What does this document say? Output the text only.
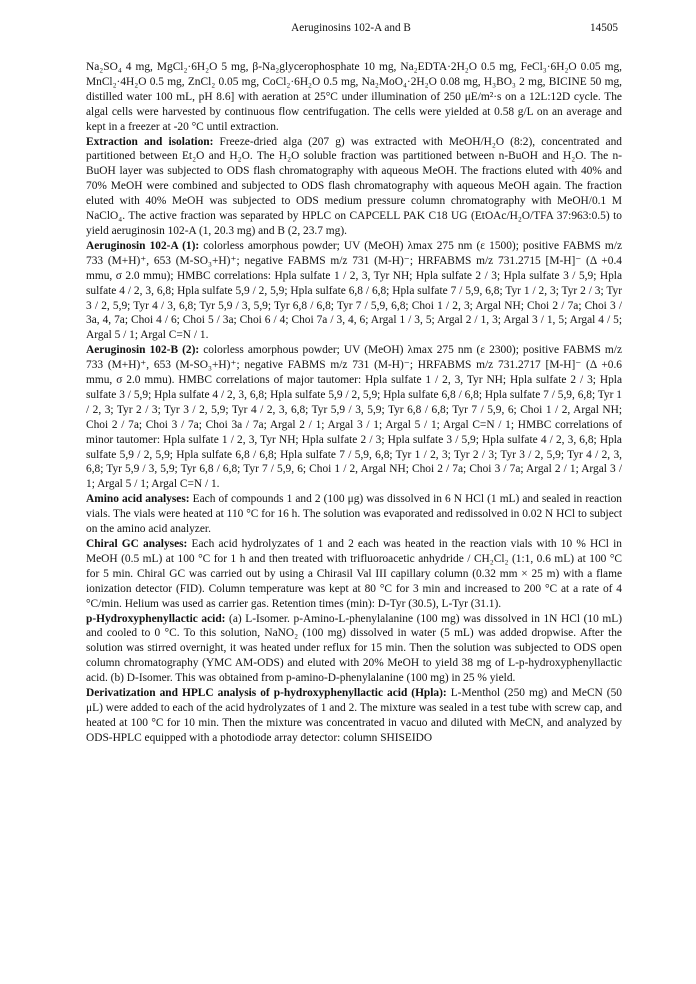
Aeruginosins 102-A and B	14505

Na₂SO₄ 4 mg, MgCl₂·6H₂O 5 mg, β-Na₂glycerophosphate 10 mg, Na₂EDTA·2H₂O 0.5 mg, FeCl₃·6H₂O 0.05 mg, MnCl₂·4H₂O 0.5 mg, ZnCl₂ 0.05 mg, CoCl₂·6H₂O 0.5 mg, Na₂MoO₄·2H₂O 0.08 mg, H₃BO₃ 2 mg, BICINE 50 mg, distilled water 100 mL, pH 8.6] with aeration at 25°C under illumination of 250 μE/m²·s on a 12L:12D cycle. The algal cells were harvested by continuous flow centrifugation. The cells were yielded at 0.58 g/L on an average and kept in a freezer at -20 °C until extraction.

Extraction and isolation: Freeze-dried alga (207 g) was extracted with MeOH/H₂O (8:2), concentrated and partitioned between Et₂O and H₂O. The H₂O soluble fraction was partitioned between n-BuOH and H₂O. The n-BuOH layer was subjected to ODS flash chromatography with aqueous MeOH. The fractions eluted with 40% and 70% MeOH were combined and subjected to ODS flash chromatography with aqueous MeOH again. The fraction eluted with 40% MeOH was subjected to ODS medium pressure column chromatography with MeOH/0.1 M NaClO₄. The active fraction was separated by HPLC on CAPCELL PAK C18 UG (EtOAc/H₂O/TFA 37:963:0.5) to yield aeruginosin 102-A (1, 20.3 mg) and B (2, 23.7 mg).

Aeruginosin 102-A (1): colorless amorphous powder; UV (MeOH) λmax 275 nm (ε 1500); positive FABMS m/z 733 (M+H)⁺, 653 (M-SO₃+H)⁺; negative FABMS m/z 731 (M-H)⁻; HRFABMS m/z 731.2715 [M-H]⁻ (Δ +0.4 mmu, σ 2.0 mmu); HMBC correlations: Hpla sulfate 1 / 2, 3, Tyr NH; Hpla sulfate 2 / 3; Hpla sulfate 3 / 5,9; Hpla sulfate 4 / 2, 3, 6,8; Hpla sulfate 5,9 / 2, 5,9; Hpla sulfate 6,8 / 6,8; Hpla sulfate 7 / 5,9, 6,8; Tyr 1 / 2, 3; Tyr 2 / 3; Tyr 3 / 2, 5,9; Tyr 4 / 3, 6,8; Tyr 5,9 / 3, 5,9; Tyr 6,8 / 6,8; Tyr 7 / 5,9, 6,8; Choi 1 / 2, 3; Argal NH; Choi 2 / 7a; Choi 3 / 3a, 4, 7a; Choi 4 / 6; Choi 5 / 3a; Choi 6 / 4; Choi 7a / 3, 4, 6; Argal 1 / 3, 5; Argal 2 / 1, 3; Argal 3 / 1, 5; Argal 4 / 5; Argal 5 / 1; Argal C=N / 1.

Aeruginosin 102-B (2): colorless amorphous powder; UV (MeOH) λmax 275 nm (ε 2300); positive FABMS m/z 733 (M+H)⁺, 653 (M-SO₃+H)⁺; negative FABMS m/z 731 (M-H)⁻; HRFABMS m/z 731.2717 [M-H]⁻ (Δ +0.6 mmu, σ 2.0 mmu). HMBC correlations of major tautomer: Hpla sulfate 1 / 2, 3, Tyr NH; Hpla sulfate 2 / 3; Hpla sulfate 3 / 5,9; Hpla sulfate 4 / 2, 3, 6,8; Hpla sulfate 5,9 / 2, 5,9; Hpla sulfate 6,8 / 6,8; Hpla sulfate 7 / 5,9, 6,8; Tyr 1 / 2, 3; Tyr 2 / 3; Tyr 3 / 2, 5,9; Tyr 4 / 2, 3, 6,8; Tyr 5,9 / 3, 5,9; Tyr 6,8 / 6,8; Tyr 7 / 5,9, 6; Choi 1 / 2, Argal NH; Choi 2 / 7a; Choi 3 / 7a; Choi 3a / 7a; Argal 2 / 1; Argal 3 / 1; Argal 5 / 1; Argal C=N / 1; HMBC correlations of minor tautomer: Hpla sulfate 1 / 2, 3, Tyr NH; Hpla sulfate 2 / 3; Hpla sulfate 3 / 5,9; Hpla sulfate 4 / 2, 3, 6,8; Hpla sulfate 5,9 / 2, 5,9; Hpla sulfate 6,8 / 6,8; Hpla sulfate 7 / 5,9, 6,8; Tyr 1 / 2, 3; Tyr 2 / 3; Tyr 3 / 2, 5,9; Tyr 4 / 2, 3, 6,8; Tyr 5,9 / 3, 5,9; Tyr 6,8 / 6,8; Tyr 7 / 5,9, 6; Choi 1 / 2, Argal NH; Choi 2 / 7a; Choi 3 / 7a; Argal 2 / 1; Argal 3 / 1; Argal 5 / 1; Argal C=N / 1.

Amino acid analyses: Each of compounds 1 and 2 (100 μg) was dissolved in 6 N HCl (1 mL) and sealed in reaction vials. The vials were heated at 110 °C for 16 h. The solution was evaporated and redissolved in 0.02 N HCl to subject on the amino acid analyzer.

Chiral GC analyses: Each acid hydrolyzates of 1 and 2 each was heated in the reaction vials with 10 % HCl in MeOH (0.5 mL) at 100 °C for 1 h and then treated with trifluoroacetic anhydride / CH₂Cl₂ (1:1, 0.6 mL) at 100 °C for 5 min. Chiral GC was carried out by using a Chirasil Val III capillary column (0.32 mm × 25 m) with a flame ionization detector (FID). Column temperature was kept at 80 °C for 3 min and increased to 200 °C at a rate of 4 °C/min. Helium was used as carrier gas. Retention times (min): D-Tyr (30.5), L-Tyr (31.1).

p-Hydroxyphenyllactic acid: (a) L-Isomer. p-Amino-L-phenylalanine (100 mg) was dissolved in 1N HCl (10 mL) and cooled to 0 °C. To this solution, NaNO₂ (100 mg) dissolved in water (5 mL) was added dropwise. After the solution was stirred overnight, it was heated under reflux for 15 min. Then the solution was subjected to ODS open column chromatography (YMC AM-ODS) and eluted with 20% MeOH to yield 38 mg of L-p-hydroxyphenyllactic acid. (b) D-Isomer. This was obtained from p-amino-D-phenylalanine (100 mg) in 25 % yield.

Derivatization and HPLC analysis of p-hydroxyphenyllactic acid (Hpla): L-Menthol (250 mg) and MeCN (50 μL) were added to each of the acid hydrolyzates of 1 and 2. The mixture was sealed in a test tube with screw cap, and heated at 100 °C for 10 min. Then the mixture was concentrated in vacuo and diluted with MeCN, and analyzed by ODS-HPLC equipped with a photodiode array detector: column SHISEIDO
